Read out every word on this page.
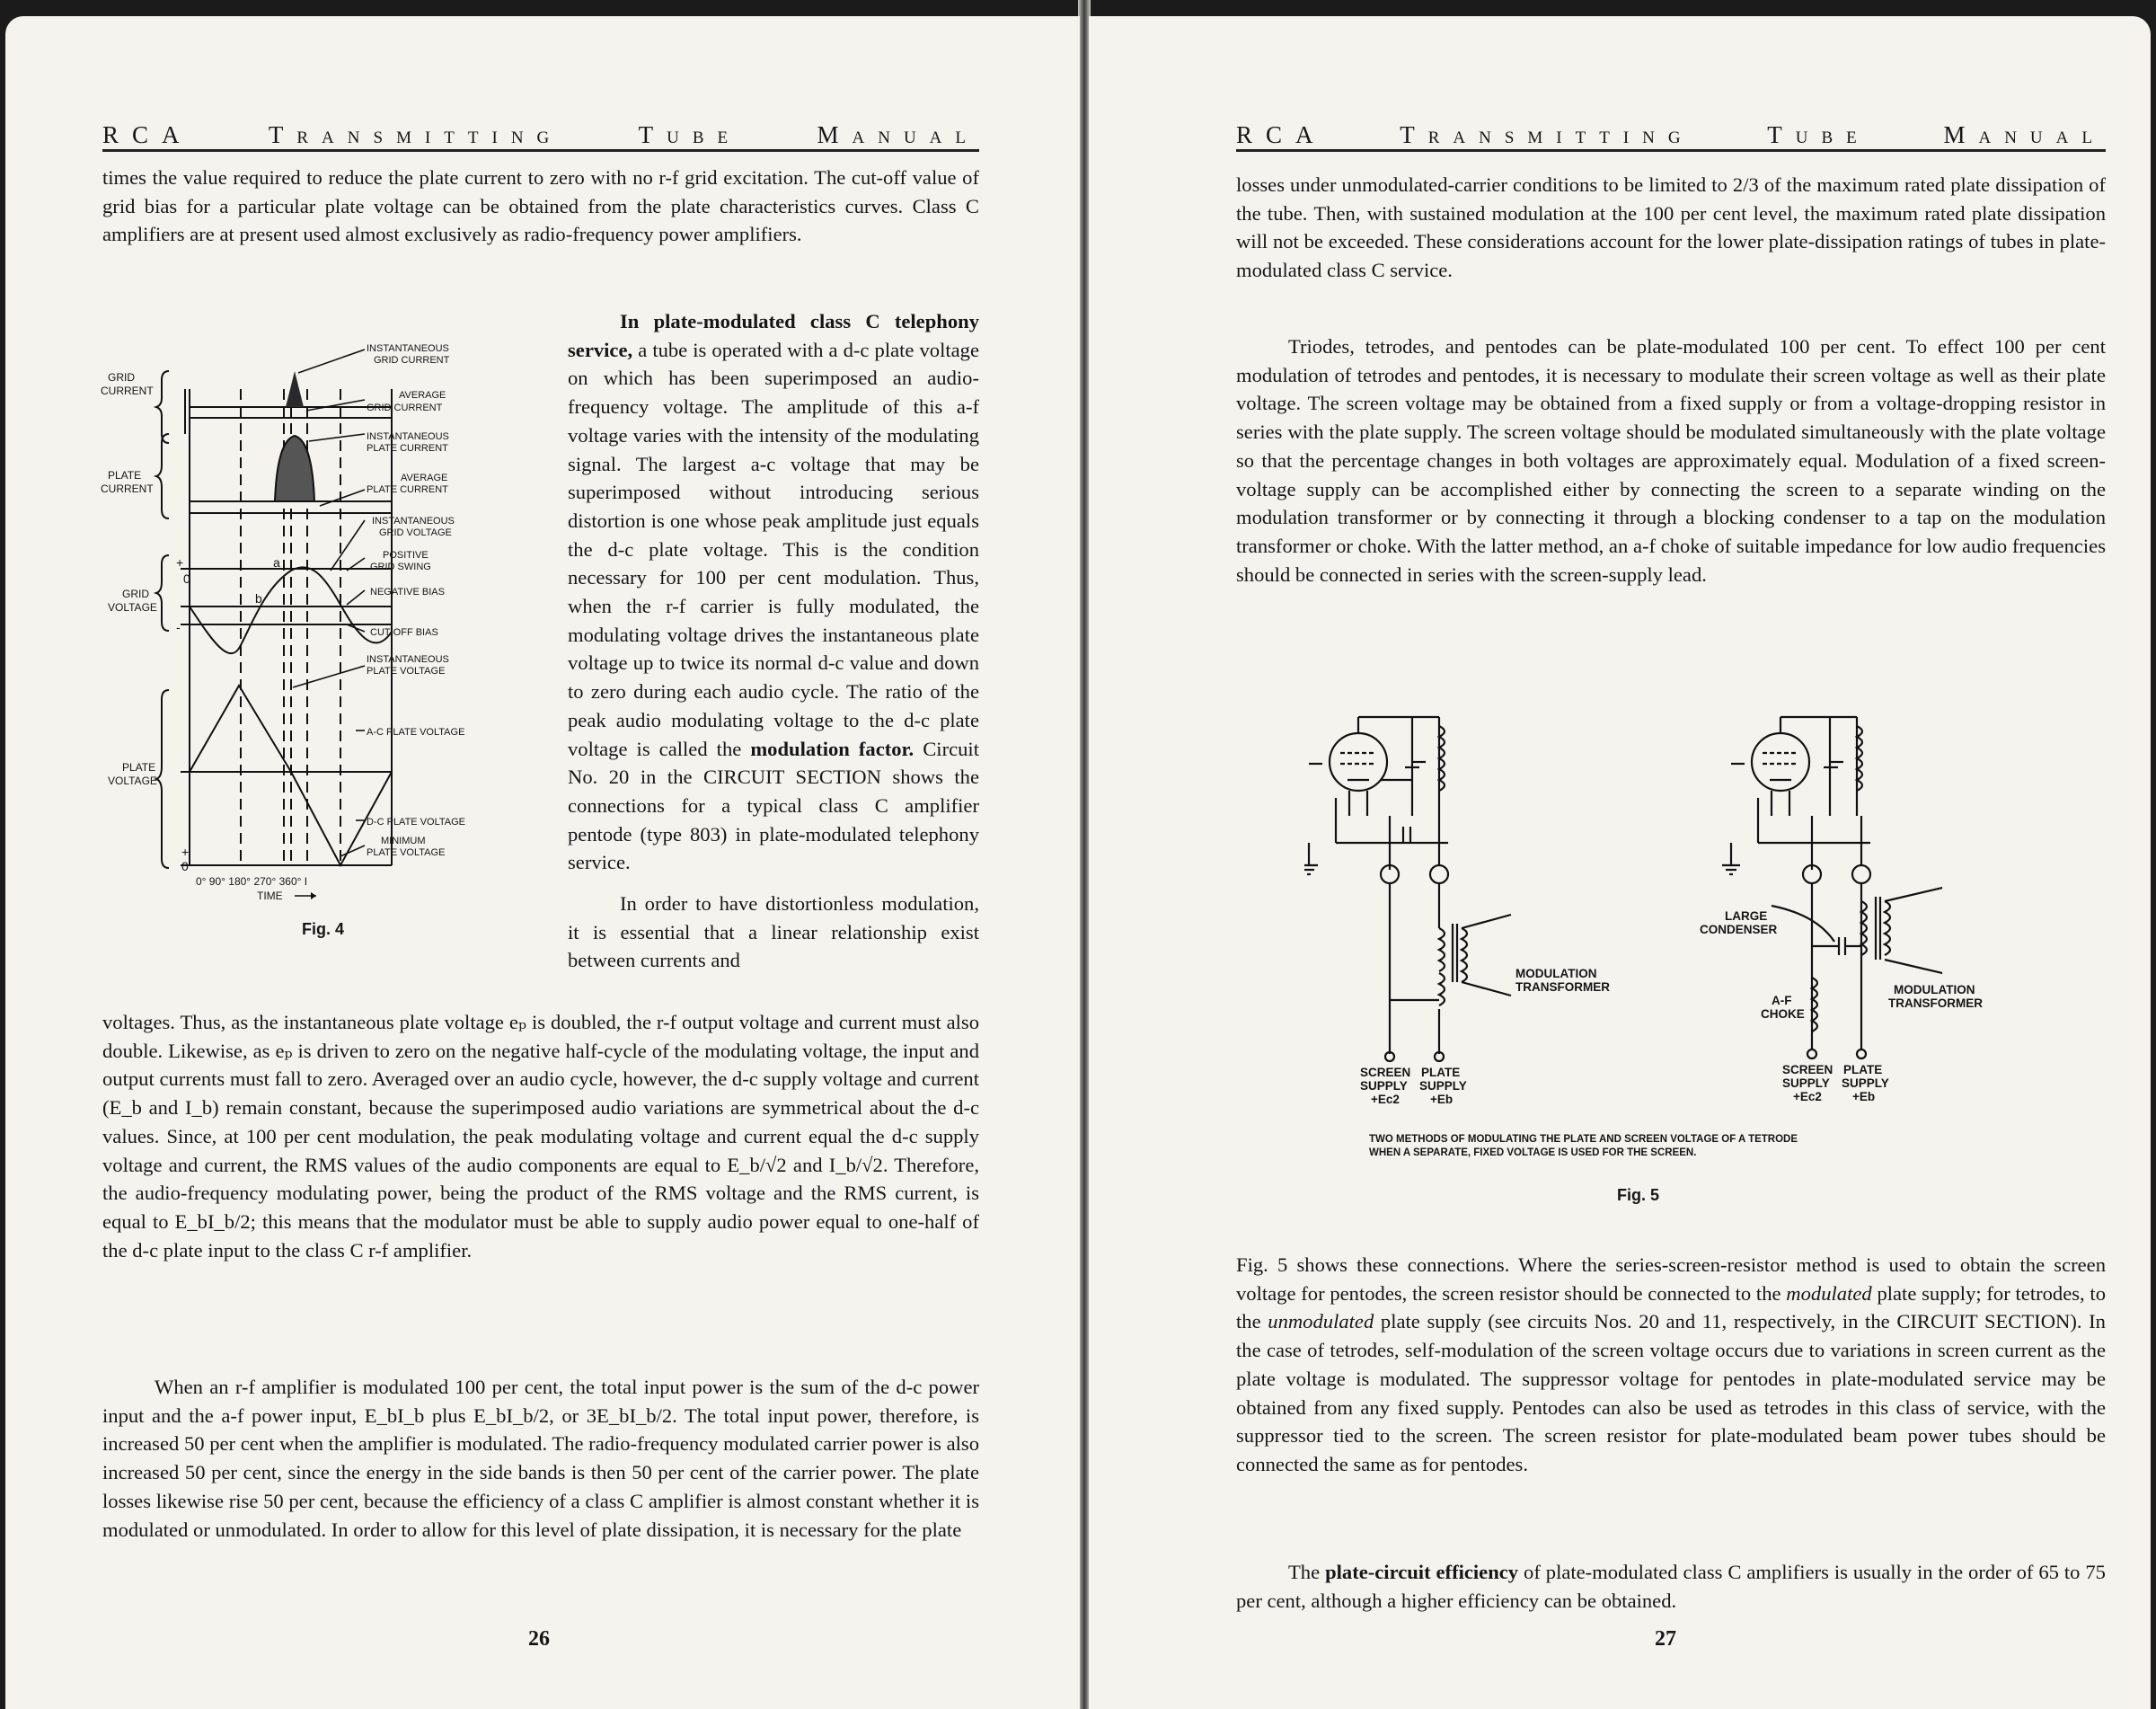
RCA	Transmitting	Tube	Manual

times the value required to reduce the plate current to zero with no r-f grid excitation. The cut-off value of grid bias for a particular plate voltage can be obtained from the plate characteristics curves. Class C amplifiers are at present used almost exclusively as radio-frequency power amplifiers.

GRID
CURRENT
PLATE
CURRENT
GRID
VOLTAGE
PLATE
VOLTAGE
+
0
-
a
b
0
+
INSTANTANEOUS
GRID CURRENT
AVERAGE
GRID CURRENT
INSTANTANEOUS
PLATE CURRENT
AVERAGE
PLATE CURRENT
INSTANTANEOUS
GRID VOLTAGE
POSITIVE
GRID SWING
NEGATIVE BIAS
CUT-OFF BIAS
INSTANTANEOUS
PLATE VOLTAGE
A-C PLATE VOLTAGE
D-C PLATE VOLTAGE
MINIMUM
PLATE VOLTAGE
0° 90° 180° 270° 360° I
TIME
Fig. 4

In plate-modulated class C telephony service, a tube is operated with a d-c plate voltage on which has been superimposed an audio-frequency voltage. The amplitude of this a-f voltage varies with the intensity of the modulating signal. The largest a-c voltage that may be superimposed without introducing serious distortion is one whose peak amplitude just equals the d-c plate voltage. This is the condition necessary for 100 per cent modulation. Thus, when the r-f carrier is fully modulated, the modulating voltage drives the instantaneous plate voltage up to twice its normal d-c value and down to zero during each audio cycle. The ratio of the peak audio modulating voltage to the d-c plate voltage is called the modulation factor. Circuit No. 20 in the CIRCUIT SECTION shows the connections for a typical class C amplifier pentode (type 803) in plate-modulated telephony service.

In order to have distortionless modulation, it is essential that a linear relationship exist between currents and

voltages. Thus, as the instantaneous plate voltage eₚ is doubled, the r-f output voltage and current must also double. Likewise, as eₚ is driven to zero on the negative half-cycle of the modulating voltage, the input and output currents must fall to zero. Averaged over an audio cycle, however, the d-c supply voltage and current (E_b and I_b) remain constant, because the superimposed audio variations are symmetrical about the d-c values. Since, at 100 per cent modulation, the peak modulating voltage and current equal the d-c supply voltage and current, the RMS values of the audio components are equal to E_b/√2 and I_b/√2. Therefore, the audio-frequency modulating power, being the product of the RMS voltage and the RMS current, is equal to E_bI_b/2; this means that the modulator must be able to supply audio power equal to one-half of the d-c plate input to the class C r-f amplifier.

When an r-f amplifier is modulated 100 per cent, the total input power is the sum of the d-c power input and the a-f power input, E_bI_b plus E_bI_b/2, or 3E_bI_b/2. The total input power, therefore, is increased 50 per cent when the amplifier is modulated. The radio-frequency modulated carrier power is also increased 50 per cent, since the energy in the side bands is then 50 per cent of the carrier power. The plate losses likewise rise 50 per cent, because the efficiency of a class C amplifier is almost constant whether it is modulated or unmodulated. In order to allow for this level of plate dissipation, it is necessary for the plate

26
RCA	Transmitting	Tube	Manual

losses under unmodulated-carrier conditions to be limited to 2/3 of the maximum rated plate dissipation of the tube. Then, with sustained modulation at the 100 per cent level, the maximum rated plate dissipation will not be exceeded. These considerations account for the lower plate-dissipation ratings of tubes in plate-modulated class C service.

Triodes, tetrodes, and pentodes can be plate-modulated 100 per cent. To effect 100 per cent modulation of tetrodes and pentodes, it is necessary to modulate their screen voltage as well as their plate voltage. The screen voltage may be obtained from a fixed supply or from a voltage-dropping resistor in series with the plate supply. The screen voltage should be modulated simultaneously with the plate voltage so that the percentage changes in both voltages are approximately equal. Modulation of a fixed screen-voltage supply can be accomplished either by connecting the screen to a separate winding on the modulation transformer or by connecting it through a blocking condenser to a tap on the modulation transformer or choke. With the latter method, an a-f choke of suitable impedance for low audio frequencies should be connected in series with the screen-supply lead.

MODULATION
TRANSFORMER
SCREEN
SUPPLY
+Ec2
PLATE
SUPPLY
+Eb
LARGE
CONDENSER
A-F
CHOKE
MODULATION
TRANSFORMER
SCREEN
SUPPLY
+Ec2
PLATE
SUPPLY
+Eb
TWO METHODS OF MODULATING THE PLATE AND SCREEN VOLTAGE OF A TETRODE
WHEN A SEPARATE, FIXED VOLTAGE IS USED FOR THE SCREEN.
Fig. 5

Fig. 5 shows these connections. Where the series-screen-resistor method is used to obtain the screen voltage for pentodes, the screen resistor should be connected to the modulated plate supply; for tetrodes, to the unmodulated plate supply (see circuits Nos. 20 and 11, respectively, in the CIRCUIT SECTION). In the case of tetrodes, self-modulation of the screen voltage occurs due to variations in screen current as the plate voltage is modulated. The suppressor voltage for pentodes in plate-modulated service may be obtained from any fixed supply. Pentodes can also be used as tetrodes in this class of service, with the suppressor tied to the screen. The screen resistor for plate-modulated beam power tubes should be connected the same as for pentodes.

The plate-circuit efficiency of plate-modulated class C amplifiers is usually in the order of 65 to 75 per cent, although a higher efficiency can be obtained.

27
